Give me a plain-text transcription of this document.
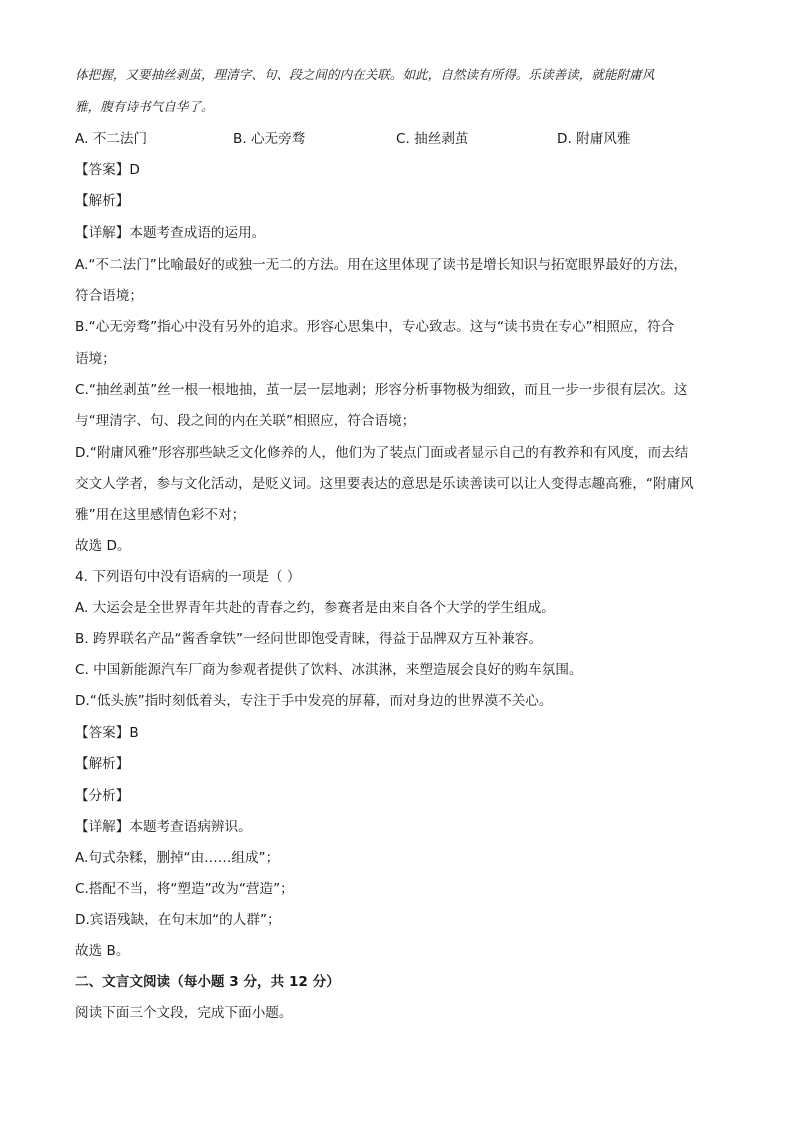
体把握，又要抽丝剥茧，理清字、句、段之间的内在关联。如此，自然读有所得。乐读善读，就能附庸风
雅，腹有诗书气自华了。
A. 不二法门	B. 心无旁骛	C. 抽丝剥茧	D. 附庸风雅
【答案】D
【解析】
【详解】本题考查成语的运用。
A.“不二法门”比喻最好的或独一无二的方法。用在这里体现了读书是增长知识与拓宽眼界最好的方法，
符合语境；
B.“心无旁骛”指心中没有另外的追求。形容心思集中，专心致志。这与“读书贵在专心”相照应，符合
语境；
C.“抽丝剥茧”丝一根一根地抽，茧一层一层地剥；形容分析事物极为细致，而且一步一步很有层次。这
与“理清字、句、段之间的内在关联”相照应，符合语境；
D.“附庸风雅”形容那些缺乏文化修养的人，他们为了装点门面或者显示自己的有教养和有风度，而去结
交文人学者，参与文化活动，是贬义词。这里要表达的意思是乐读善读可以让人变得志趣高雅，“附庸风
雅”用在这里感情色彩不对；
故选 D。
4. 下列语句中没有语病的一项是（ ）
A. 大运会是全世界青年共赴的青春之约，参赛者是由来自各个大学的学生组成。
B. 跨界联名产品“酱香拿铁”一经问世即饱受青睐，得益于品牌双方互补兼容。
C. 中国新能源汽车厂商为参观者提供了饮料、冰淇淋，来塑造展会良好的购车氛围。
D.“低头族”指时刻低着头，专注于手中发亮的屏幕，而对身边的世界漠不关心。
【答案】B
【解析】
【分析】
【详解】本题考查语病辨识。
A.句式杂糅，删掉“由……组成”；
C.搭配不当，将“塑造”改为“营造”；
D.宾语残缺，在句末加“的人群”；
故选 B。
二、文言文阅读（每小题 3 分，共 12 分）
阅读下面三个文段，完成下面小题。
